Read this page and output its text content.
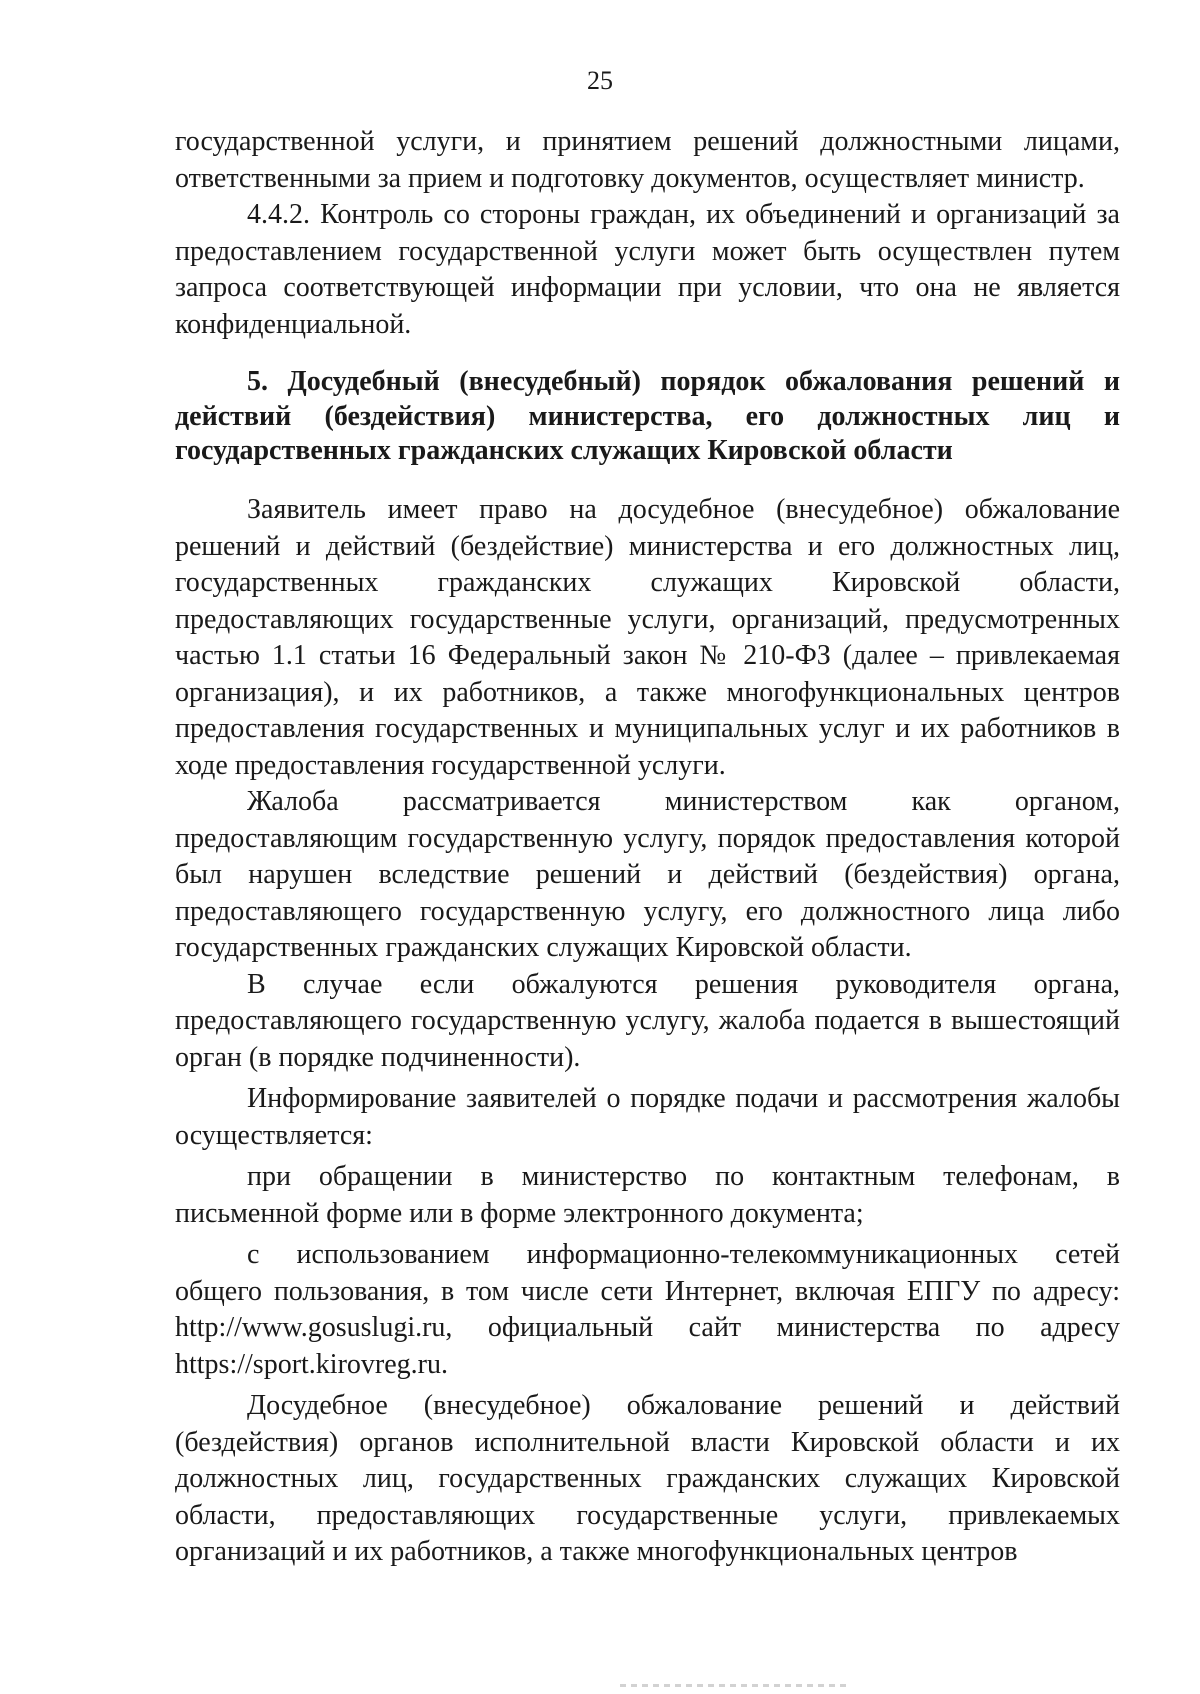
25

государственной услуги, и принятием решений должностными лицами, ответственными за прием и подготовку документов, осуществляет министр.

4.4.2. Контроль со стороны граждан, их объединений и организаций за предоставлением государственной услуги может быть осуществлен путем запроса соответствующей информации при условии, что она не является конфиденциальной.

5. Досудебный (внесудебный) порядок обжалования решений и действий (бездействия) министерства, его должностных лиц и государственных гражданских служащих Кировской области

Заявитель имеет право на досудебное (внесудебное) обжалование решений и действий (бездействие) министерства и его должностных лиц, государственных гражданских служащих Кировской области, предоставляющих государственные услуги, организаций, предусмотренных частью 1.1 статьи 16 Федеральный закон № 210-ФЗ (далее – привлекаемая организация), и их работников, а также многофункциональных центров предоставления государственных и муниципальных услуг и их работников в ходе предоставления государственной услуги.

Жалоба рассматривается министерством как органом, предоставляющим государственную услугу, порядок предоставления которой был нарушен вследствие решений и действий (бездействия) органа, предоставляющего государственную услугу, его должностного лица либо государственных гражданских служащих Кировской области.

В случае если обжалуются решения руководителя органа, предоставляющего государственную услугу, жалоба подается в вышестоящий орган (в порядке подчиненности).

Информирование заявителей о порядке подачи и рассмотрения жалобы осуществляется:

при обращении в министерство по контактным телефонам, в письменной форме или в форме электронного документа;

с использованием информационно-телекоммуникационных сетей общего пользования, в том числе сети Интернет, включая ЕПГУ по адресу: http://www.gosuslugi.ru, официальный сайт министерства по адресу https://sport.kirovreg.ru.

Досудебное (внесудебное) обжалование решений и действий (бездействия) органов исполнительной власти Кировской области и их должностных лиц, государственных гражданских служащих Кировской области, предоставляющих государственные услуги, привлекаемых организаций и их работников, а также многофункциональных центров
